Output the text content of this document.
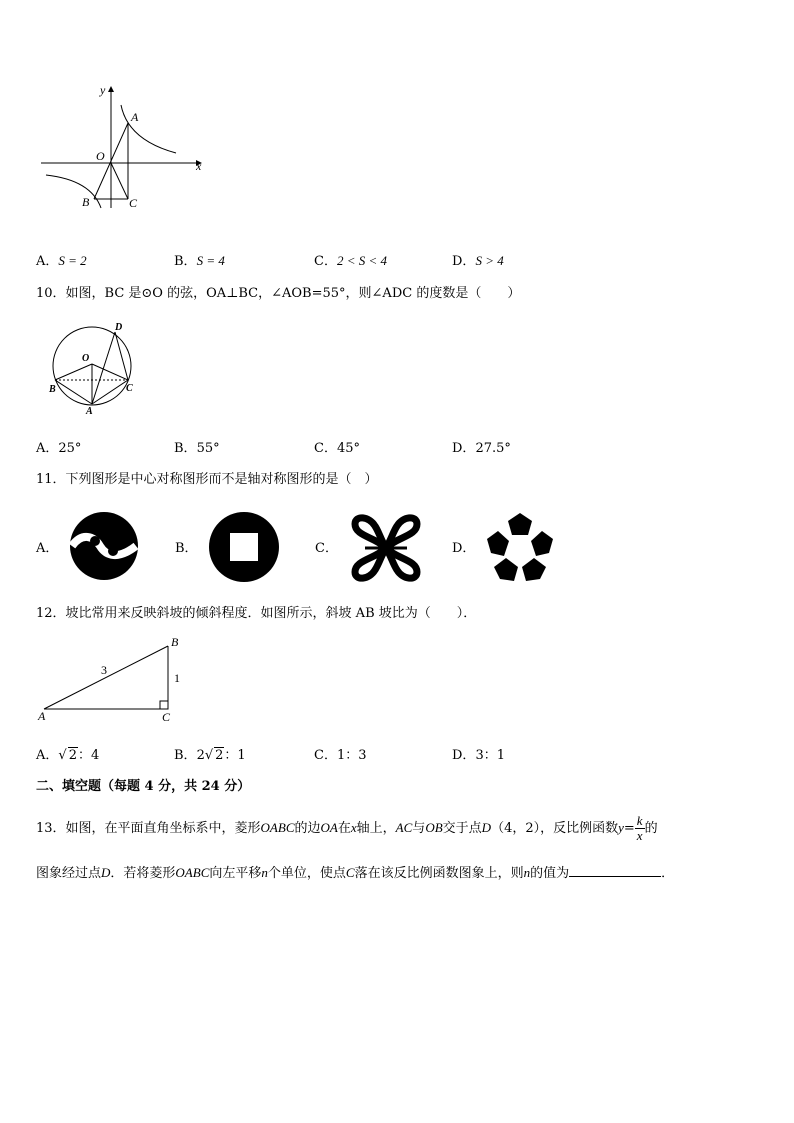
y
x
O
A
B	C
A．S = 2	B．S = 4	C．2 < S < 4	D．S > 4
10．如图，BC 是⊙O 的弦，OA⊥BC，∠AOB=55°，则∠ADC 的度数是（　　）
O
A
B	C
D
A．25°	B．55°	C．45°	D．27.5°
11．下列图形是中心对称图形而不是轴对称图形的是（　）
A．	B．	C．	D．
12．坡比常用来反映斜坡的倾斜程度．如图所示，斜坡 AB 坡比为（　　）．
A
B
C
3
1
A．√ 2：4	B．2√ 2：1	C．1：3	D．3：1
二、填空题（每题 4 分，共 24 分）
13．如图，在平面直角坐标系中，菱形OABC的边OA在x轴上，AC与OB交于点D（4，2），反比例函数$y= \frac{k}{x}$ 的
图象经过点D．若将菱形OABC向左平移n个单位，使点C落在该反比例函数图象上，则n的值为	．
